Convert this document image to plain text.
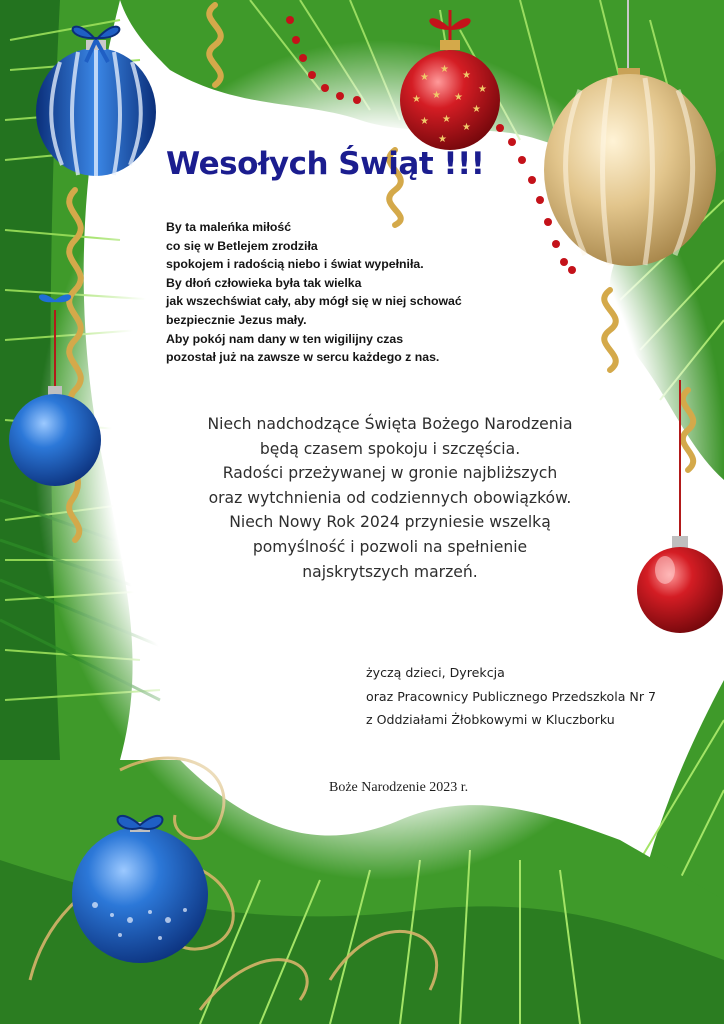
★
★
★
★
★ ★ ★
★
★ ★
★
★
Wesołych Świąt !!!
By ta maleńka miłość
co się w Betlejem zrodziła
spokojem i radością niebo i świat wypełniła.
By dłoń człowieka była tak wielka
jak wszechświat cały, aby mógł się w niej schować
bezpiecznie Jezus mały.
Aby pokój nam dany w ten wigilijny czas
pozostał już na zawsze w sercu każdego z nas.
Niech nadchodzące Święta Bożego Narodzenia
będą czasem spokoju i szczęścia.
Radości przeżywanej w gronie najbliższych
oraz wytchnienia od codziennych obowiązków.
Niech Nowy Rok 2024 przyniesie wszelką
pomyślność i pozwoli na spełnienie
najskrytszych marzeń.
życzą dzieci, Dyrekcja
oraz Pracownicy Publicznego Przedszkola Nr 7
z Oddziałami Żłobkowymi w Kluczborku
Boże Narodzenie 2023 r.
